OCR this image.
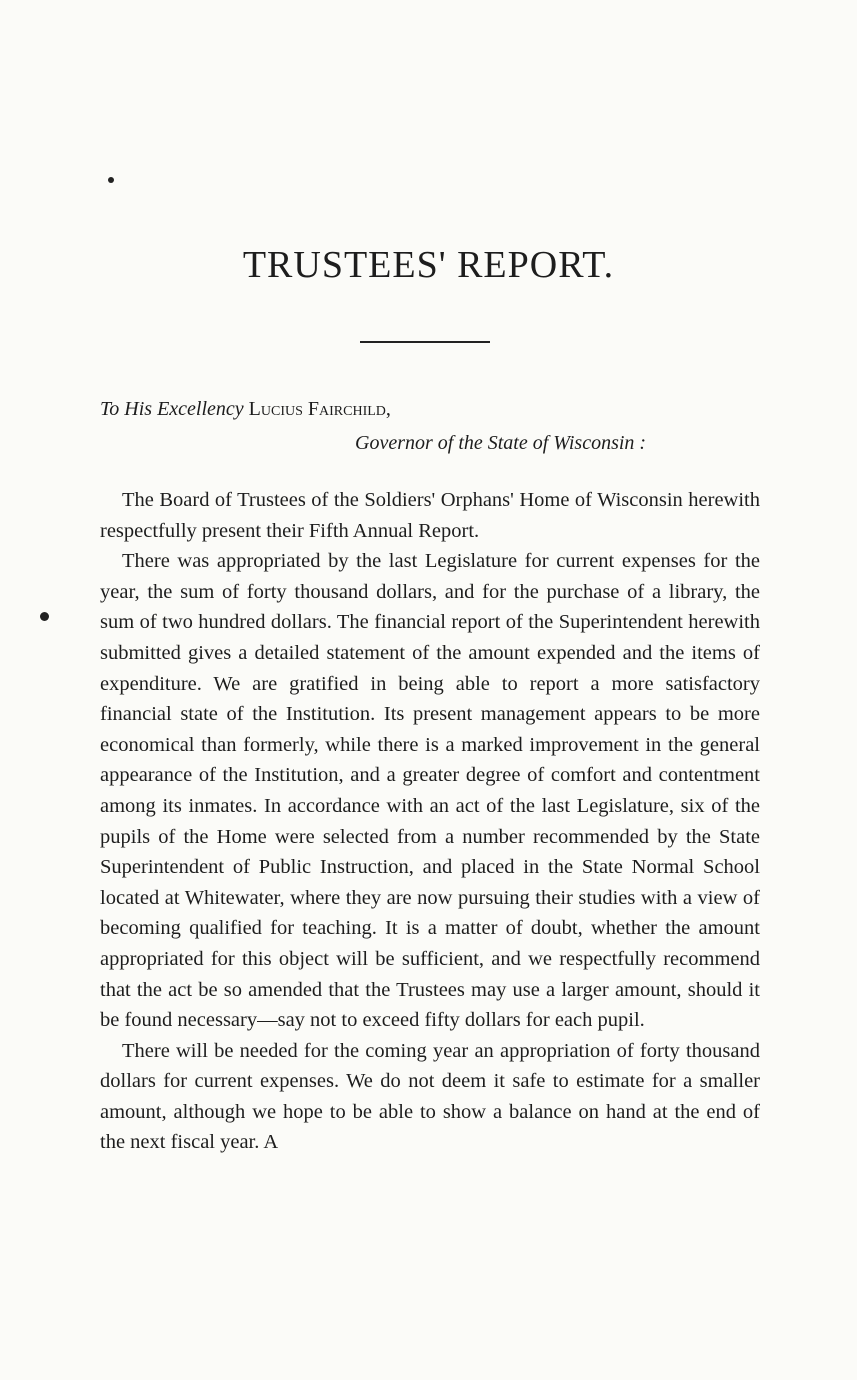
TRUSTEES' REPORT.
To His Excellency Lucius Fairchild,
Governor of the State of Wisconsin :

The Board of Trustees of the Soldiers' Orphans' Home of Wisconsin herewith respectfully present their Fifth Annual Report.

There was appropriated by the last Legislature for current expenses for the year, the sum of forty thousand dollars, and for the purchase of a library, the sum of two hundred dollars. The financial report of the Superintendent herewith submitted gives a detailed statement of the amount expended and the items of expenditure. We are gratified in being able to report a more satisfactory financial state of the Institution. Its present management appears to be more economical than formerly, while there is a marked improvement in the general appearance of the Institution, and a greater degree of comfort and contentment among its inmates. In accordance with an act of the last Legislature, six of the pupils of the Home were selected from a number recommended by the State Superintendent of Public Instruction, and placed in the State Normal School located at Whitewater, where they are now pursuing their studies with a view of becoming qualified for teaching. It is a matter of doubt, whether the amount appropriated for this object will be sufficient, and we respectfully recommend that the act be so amended that the Trustees may use a larger amount, should it be found necessary—say not to exceed fifty dollars for each pupil.

There will be needed for the coming year an appropriation of forty thousand dollars for current expenses. We do not deem it safe to estimate for a smaller amount, although we hope to be able to show a balance on hand at the end of the next fiscal year. A
